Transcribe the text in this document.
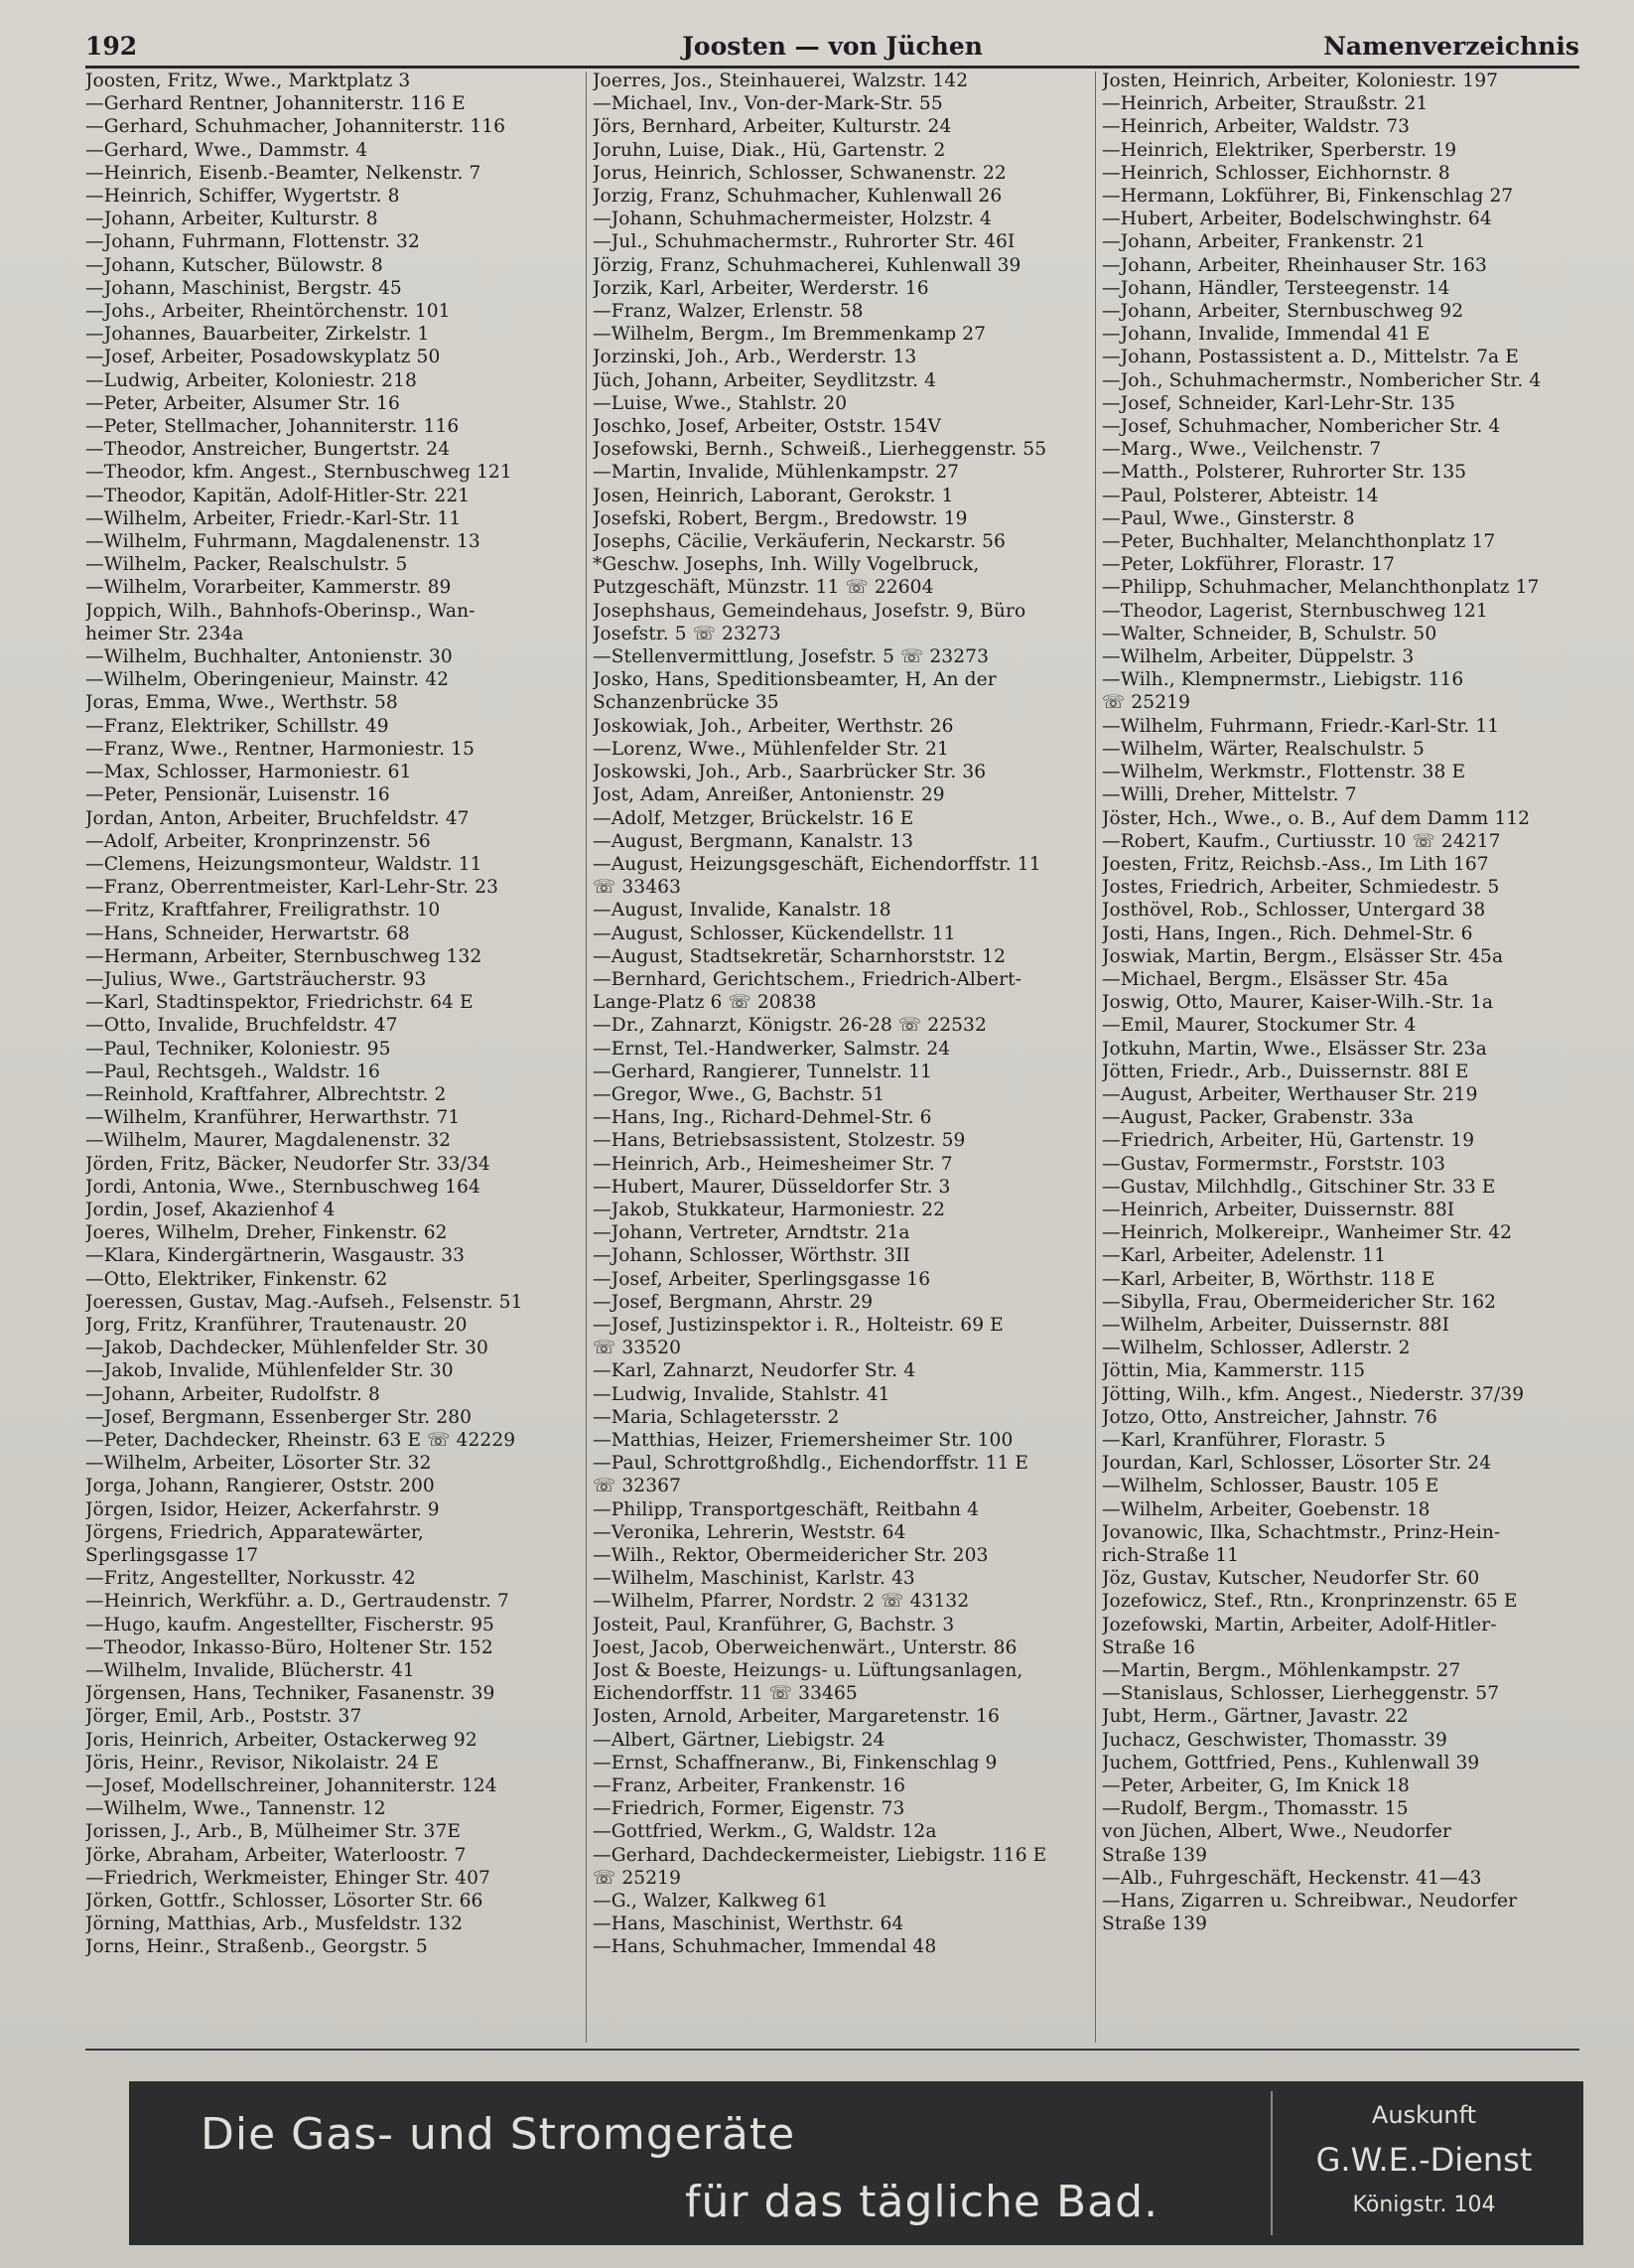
192	Joosten — von Jüchen	Namenverzeichnis
Joosten, Fritz, Wwe., Marktplatz 3
—Gerhard Rentner, Johanniterstr. 116 E
—Gerhard, Schuhmacher, Johanniterstr. 116
—Gerhard, Wwe., Dammstr. 4
—Heinrich, Eisenb.-Beamter, Nelkenstr. 7
—Heinrich, Schiffer, Wygertstr. 8
—Johann, Arbeiter, Kulturstr. 8
—Johann, Fuhrmann, Flottenstr. 32
—Johann, Kutscher, Bülowstr. 8
—Johann, Maschinist, Bergstr. 45
—Johs., Arbeiter, Rheintörchenstr. 101
—Johannes, Bauarbeiter, Zirkelstr. 1
—Josef, Arbeiter, Posadowskyplatz 50
—Ludwig, Arbeiter, Koloniestr. 218
—Peter, Arbeiter, Alsumer Str. 16
—Peter, Stellmacher, Johanniterstr. 116
—Theodor, Anstreicher, Bungertstr. 24
—Theodor, kfm. Angest., Sternbuschweg 121
—Theodor, Kapitän, Adolf-Hitler-Str. 221
—Wilhelm, Arbeiter, Friedr.-Karl-Str. 11
—Wilhelm, Fuhrmann, Magdalenenstr. 13
—Wilhelm, Packer, Realschulstr. 5
—Wilhelm, Vorarbeiter, Kammerstr. 89
Joppich, Wilh., Bahnhofs-Oberinsp., Wan-
heimer Str. 234a
—Wilhelm, Buchhalter, Antonienstr. 30
—Wilhelm, Oberingenieur, Mainstr. 42
Joras, Emma, Wwe., Werthstr. 58
—Franz, Elektriker, Schillstr. 49
—Franz, Wwe., Rentner, Harmoniestr. 15
—Max, Schlosser, Harmoniestr. 61
—Peter, Pensionär, Luisenstr. 16
Jordan, Anton, Arbeiter, Bruchfeldstr. 47
—Adolf, Arbeiter, Kronprinzenstr. 56
—Clemens, Heizungsmonteur, Waldstr. 11
—Franz, Oberrentmeister, Karl-Lehr-Str. 23
—Fritz, Kraftfahrer, Freiligrathstr. 10
—Hans, Schneider, Herwartstr. 68
—Hermann, Arbeiter, Sternbuschweg 132
—Julius, Wwe., Gartsträucherstr. 93
—Karl, Stadtinspektor, Friedrichstr. 64 E
—Otto, Invalide, Bruchfeldstr. 47
—Paul, Techniker, Koloniestr. 95
—Paul, Rechtsgeh., Waldstr. 16
—Reinhold, Kraftfahrer, Albrechtstr. 2
—Wilhelm, Kranführer, Herwarthstr. 71
—Wilhelm, Maurer, Magdalenenstr. 32
Jörden, Fritz, Bäcker, Neudorfer Str. 33/34
Jordi, Antonia, Wwe., Sternbuschweg 164
Jordin, Josef, Akazienhof 4
Joeres, Wilhelm, Dreher, Finkenstr. 62
—Klara, Kindergärtnerin, Wasgaustr. 33
—Otto, Elektriker, Finkenstr. 62
Joeressen, Gustav, Mag.-Aufseh., Felsenstr. 51
Jorg, Fritz, Kranführer, Trautenaustr. 20
—Jakob, Dachdecker, Mühlenfelder Str. 30
—Jakob, Invalide, Mühlenfelder Str. 30
—Johann, Arbeiter, Rudolfstr. 8
—Josef, Bergmann, Essenberger Str. 280
—Peter, Dachdecker, Rheinstr. 63 E ☏ 42229
—Wilhelm, Arbeiter, Lösorter Str. 32
Jorga, Johann, Rangierer, Oststr. 200
Jörgen, Isidor, Heizer, Ackerfahrstr. 9
Jörgens, Friedrich, Apparatewärter,
Sperlingsgasse 17
—Fritz, Angestellter, Norkusstr. 42
—Heinrich, Werkführ. a. D., Gertraudenstr. 7
—Hugo, kaufm. Angestellter, Fischerstr. 95
—Theodor, Inkasso-Büro, Holtener Str. 152
—Wilhelm, Invalide, Blücherstr. 41
Jörgensen, Hans, Techniker, Fasanenstr. 39
Jörger, Emil, Arb., Poststr. 37
Joris, Heinrich, Arbeiter, Ostackerweg 92
Jöris, Heinr., Revisor, Nikolaistr. 24 E
—Josef, Modellschreiner, Johanniterstr. 124
—Wilhelm, Wwe., Tannenstr. 12
Jorissen, J., Arb., B, Mülheimer Str. 37E
Jörke, Abraham, Arbeiter, Waterloostr. 7
—Friedrich, Werkmeister, Ehinger Str. 407
Jörken, Gottfr., Schlosser, Lösorter Str. 66
Jörning, Matthias, Arb., Musfeldstr. 132
Jorns, Heinr., Straßenb., Georgstr. 5
Joerres, Jos., Steinhauerei, Walzstr. 142
—Michael, Inv., Von-der-Mark-Str. 55
Jörs, Bernhard, Arbeiter, Kulturstr. 24
Joruhn, Luise, Diak., Hü, Gartenstr. 2
Jorus, Heinrich, Schlosser, Schwanenstr. 22
Jorzig, Franz, Schuhmacher, Kuhlenwall 26
—Johann, Schuhmachermeister, Holzstr. 4
—Jul., Schuhmachermstr., Ruhrorter Str. 46I
Jörzig, Franz, Schuhmacherei, Kuhlenwall 39
Jorzik, Karl, Arbeiter, Werderstr. 16
—Franz, Walzer, Erlenstr. 58
—Wilhelm, Bergm., Im Bremmenkamp 27
Jorzinski, Joh., Arb., Werderstr. 13
Jüch, Johann, Arbeiter, Seydlitzstr. 4
—Luise, Wwe., Stahlstr. 20
Joschko, Josef, Arbeiter, Oststr. 154V
Josefowski, Bernh., Schweiß., Lierheggenstr. 55
—Martin, Invalide, Mühlenkampstr. 27
Josen, Heinrich, Laborant, Gerokstr. 1
Josefski, Robert, Bergm., Bredowstr. 19
Josephs, Cäcilie, Verkäuferin, Neckarstr. 56
*Geschw. Josephs, Inh. Willy Vogelbruck,
Putzgeschäft, Münzstr. 11 ☏ 22604
Josephshaus, Gemeindehaus, Josefstr. 9, Büro
Josefstr. 5 ☏ 23273
—Stellenvermittlung, Josefstr. 5 ☏ 23273
Josko, Hans, Speditionsbeamter, H, An der
Schanzenbrücke 35
Joskowiak, Joh., Arbeiter, Werthstr. 26
—Lorenz, Wwe., Mühlenfelder Str. 21
Joskowski, Joh., Arb., Saarbrücker Str. 36
Jost, Adam, Anreißer, Antonienstr. 29
—Adolf, Metzger, Brückelstr. 16 E
—August, Bergmann, Kanalstr. 13
—August, Heizungsgeschäft, Eichendorffstr. 11
☏ 33463
—August, Invalide, Kanalstr. 18
—August, Schlosser, Kückendellstr. 11
—August, Stadtsekretär, Scharnhorststr. 12
—Bernhard, Gerichtschem., Friedrich-Albert-
Lange-Platz 6 ☏ 20838
—Dr., Zahnarzt, Königstr. 26-28 ☏ 22532
—Ernst, Tel.-Handwerker, Salmstr. 24
—Gerhard, Rangierer, Tunnelstr. 11
—Gregor, Wwe., G, Bachstr. 51
—Hans, Ing., Richard-Dehmel-Str. 6
—Hans, Betriebsassistent, Stolzestr. 59
—Heinrich, Arb., Heimesheimer Str. 7
—Hubert, Maurer, Düsseldorfer Str. 3
—Jakob, Stukkateur, Harmoniestr. 22
—Johann, Vertreter, Arndtstr. 21a
—Johann, Schlosser, Wörthstr. 3II
—Josef, Arbeiter, Sperlingsgasse 16
—Josef, Bergmann, Ahrstr. 29
—Josef, Justizinspektor i. R., Holteistr. 69 E
☏ 33520
—Karl, Zahnarzt, Neudorfer Str. 4
—Ludwig, Invalide, Stahlstr. 41
—Maria, Schlagetersstr. 2
—Matthias, Heizer, Friemersheimer Str. 100
—Paul, Schrottgroßhdlg., Eichendorffstr. 11 E
☏ 32367
—Philipp, Transportgeschäft, Reitbahn 4
—Veronika, Lehrerin, Weststr. 64
—Wilh., Rektor, Obermeidericher Str. 203
—Wilhelm, Maschinist, Karlstr. 43
—Wilhelm, Pfarrer, Nordstr. 2 ☏ 43132
Josteit, Paul, Kranführer, G, Bachstr. 3
Joest, Jacob, Oberweichenwärt., Unterstr. 86
Jost & Boeste, Heizungs- u. Lüftungsanlagen,
Eichendorffstr. 11 ☏ 33465
Josten, Arnold, Arbeiter, Margaretenstr. 16
—Albert, Gärtner, Liebigstr. 24
—Ernst, Schaffneranw., Bi, Finkenschlag 9
—Franz, Arbeiter, Frankenstr. 16
—Friedrich, Former, Eigenstr. 73
—Gottfried, Werkm., G, Waldstr. 12a
—Gerhard, Dachdeckermeister, Liebigstr. 116 E
☏ 25219
—G., Walzer, Kalkweg 61
—Hans, Maschinist, Werthstr. 64
—Hans, Schuhmacher, Immendal 48
Josten, Heinrich, Arbeiter, Koloniestr. 197
—Heinrich, Arbeiter, Straußstr. 21
—Heinrich, Arbeiter, Waldstr. 73
—Heinrich, Elektriker, Sperberstr. 19
—Heinrich, Schlosser, Eichhornstr. 8
—Hermann, Lokführer, Bi, Finkenschlag 27
—Hubert, Arbeiter, Bodelschwinghstr. 64
—Johann, Arbeiter, Frankenstr. 21
—Johann, Arbeiter, Rheinhauser Str. 163
—Johann, Händler, Tersteegenstr. 14
—Johann, Arbeiter, Sternbuschweg 92
—Johann, Invalide, Immendal 41 E
—Johann, Postassistent a. D., Mittelstr. 7a E
—Joh., Schuhmachermstr., Nombericher Str. 4
—Josef, Schneider, Karl-Lehr-Str. 135
—Josef, Schuhmacher, Nombericher Str. 4
—Marg., Wwe., Veilchenstr. 7
—Matth., Polsterer, Ruhrorter Str. 135
—Paul, Polsterer, Abteistr. 14
—Paul, Wwe., Ginsterstr. 8
—Peter, Buchhalter, Melanchthonplatz 17
—Peter, Lokführer, Florastr. 17
—Philipp, Schuhmacher, Melanchthonplatz 17
—Theodor, Lagerist, Sternbuschweg 121
—Walter, Schneider, B, Schulstr. 50
—Wilhelm, Arbeiter, Düppelstr. 3
—Wilh., Klempnermstr., Liebigstr. 116
☏ 25219
—Wilhelm, Fuhrmann, Friedr.-Karl-Str. 11
—Wilhelm, Wärter, Realschulstr. 5
—Wilhelm, Werkmstr., Flottenstr. 38 E
—Willi, Dreher, Mittelstr. 7
Jöster, Hch., Wwe., o. B., Auf dem Damm 112
—Robert, Kaufm., Curtiusstr. 10 ☏ 24217
Joesten, Fritz, Reichsb.-Ass., Im Lith 167
Jostes, Friedrich, Arbeiter, Schmiedestr. 5
Josthövel, Rob., Schlosser, Untergard 38
Josti, Hans, Ingen., Rich. Dehmel-Str. 6
Joswiak, Martin, Bergm., Elsässer Str. 45a
—Michael, Bergm., Elsässer Str. 45a
Joswig, Otto, Maurer, Kaiser-Wilh.-Str. 1a
—Emil, Maurer, Stockumer Str. 4
Jotkuhn, Martin, Wwe., Elsässer Str. 23a
Jötten, Friedr., Arb., Duissernstr. 88I E
—August, Arbeiter, Werthauser Str. 219
—August, Packer, Grabenstr. 33a
—Friedrich, Arbeiter, Hü, Gartenstr. 19
—Gustav, Formermstr., Forststr. 103
—Gustav, Milchhdlg., Gitschiner Str. 33 E
—Heinrich, Arbeiter, Duissernstr. 88I
—Heinrich, Molkereipr., Wanheimer Str. 42
—Karl, Arbeiter, Adelenstr. 11
—Karl, Arbeiter, B, Wörthstr. 118 E
—Sibylla, Frau, Obermeidericher Str. 162
—Wilhelm, Arbeiter, Duissernstr. 88I
—Wilhelm, Schlosser, Adlerstr. 2
Jöttin, Mia, Kammerstr. 115
Jötting, Wilh., kfm. Angest., Niederstr. 37/39
Jotzo, Otto, Anstreicher, Jahnstr. 76
—Karl, Kranführer, Florastr. 5
Jourdan, Karl, Schlosser, Lösorter Str. 24
—Wilhelm, Schlosser, Baustr. 105 E
—Wilhelm, Arbeiter, Goebenstr. 18
Jovanowic, Ilka, Schachtmstr., Prinz-Hein-
rich-Straße 11
Jöz, Gustav, Kutscher, Neudorfer Str. 60
Jozefowicz, Stef., Rtn., Kronprinzenstr. 65 E
Jozefowski, Martin, Arbeiter, Adolf-Hitler-
Straße 16
—Martin, Bergm., Möhlenkampstr. 27
—Stanislaus, Schlosser, Lierheggenstr. 57
Jubt, Herm., Gärtner, Javastr. 22
Juchacz, Geschwister, Thomasstr. 39
Juchem, Gottfried, Pens., Kuhlenwall 39
—Peter, Arbeiter, G, Im Knick 18
—Rudolf, Bergm., Thomasstr. 15
von Jüchen, Albert, Wwe., Neudorfer
Straße 139
—Alb., Fuhrgeschäft, Heckenstr. 41—43
—Hans, Zigarren u. Schreibwar., Neudorfer
Straße 139
Die Gas- und Stromgeräte
für das tägliche Bad.
Auskunft
G.W.E.-Dienst
Königstr. 104
